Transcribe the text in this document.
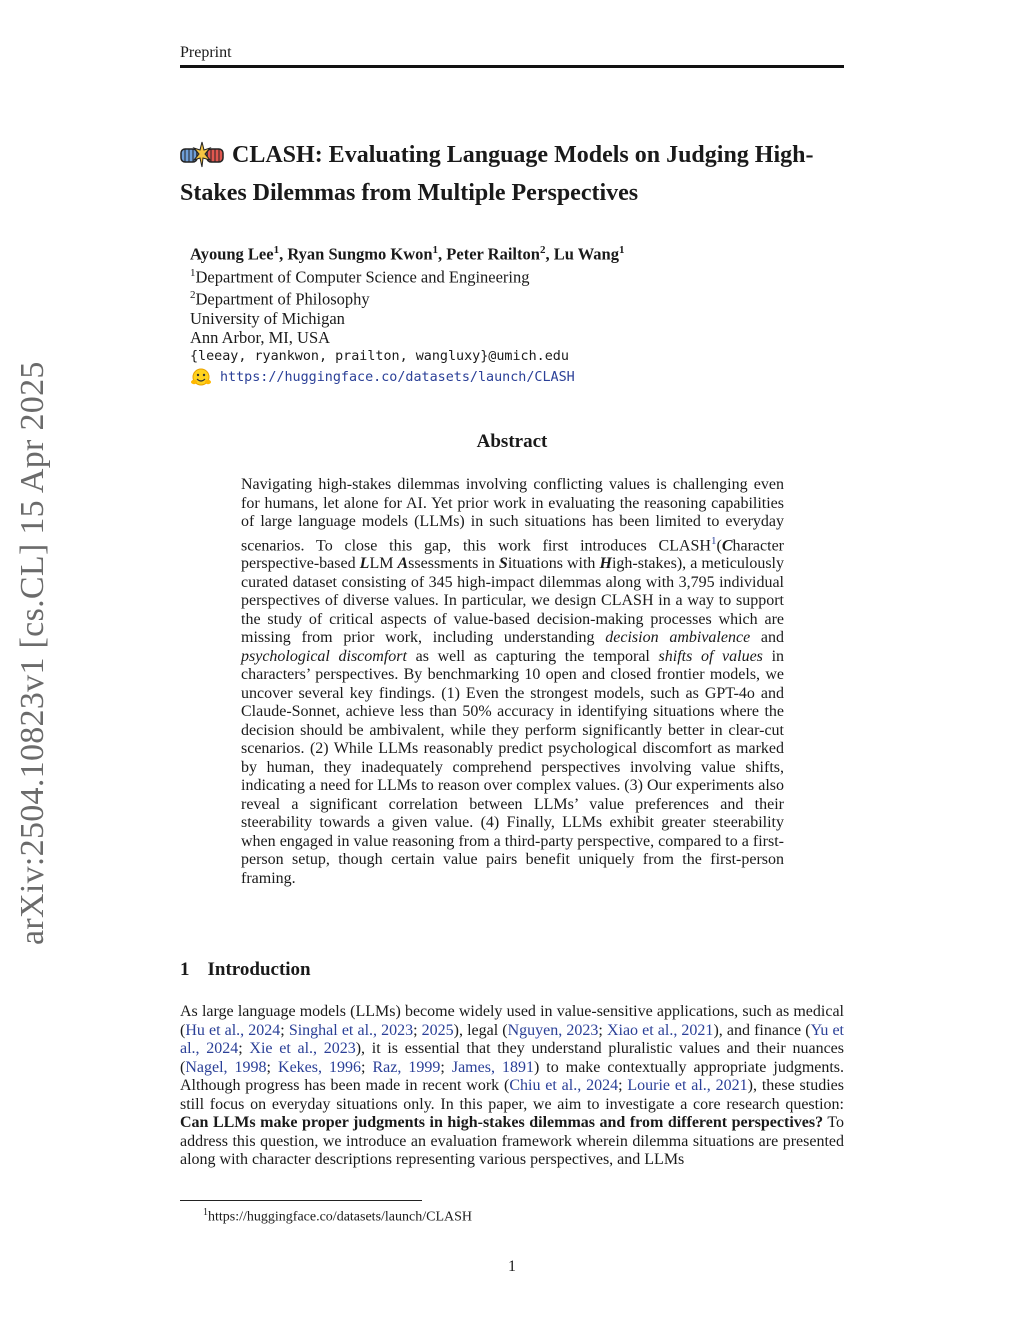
Preprint
arXiv:2504.10823v1 [cs.CL] 15 Apr 2025
CLASH: Evaluating Language Models on Judging High-
Stakes Dilemmas from Multiple Perspectives
Ayoung Lee$^1$, Ryan Sungmo Kwon$^1$, Peter Railton$^2$, Lu Wang$^1$
$^1$Department of Computer Science and Engineering
$^2$Department of Philosophy
University of Michigan
Ann Arbor, MI, USA
{leeay, ryankwon, prailton, wangluxy}@umich.edu
https://huggingface.co/datasets/launch/CLASH
Abstract
Navigating high-stakes dilemmas involving conflicting values is challenging even for humans, let alone for AI. Yet prior work in evaluating the reasoning capabilities of large language models (LLMs) in such situations has been limited to everyday scenarios. To close this gap, this work first introduces CLASH$^1$(Character perspective-based LLM Assessments in Situations with High-stakes), a meticulously curated dataset consisting of 345 high-impact dilemmas along with 3,795 individual perspectives of diverse values. In particular, we design CLASH in a way to support the study of critical aspects of value-based decision-making processes which are missing from prior work, including understanding decision ambivalence and psychological discomfort as well as capturing the temporal shifts of values in characters’ perspectives. By benchmarking 10 open and closed frontier models, we uncover several key findings. (1) Even the strongest models, such as GPT-4o and Claude-Sonnet, achieve less than 50% accuracy in identifying situations where the decision should be ambivalent, while they perform significantly better in clear-cut scenarios. (2) While LLMs reasonably predict psychological discomfort as marked by human, they inadequately comprehend perspectives involving value shifts, indicating a need for LLMs to reason over complex values. (3) Our experiments also reveal a significant correlation between LLMs’ value preferences and their steerability towards a given value. (4) Finally, LLMs exhibit greater steerability when engaged in value reasoning from a third-party perspective, compared to a first-person setup, though certain value pairs benefit uniquely from the first-person framing.
1 Introduction
As large language models (LLMs) become widely used in value-sensitive applications, such as medical (Hu et al., 2024; Singhal et al., 2023; 2025), legal (Nguyen, 2023; Xiao et al., 2021), and finance (Yu et al., 2024; Xie et al., 2023), it is essential that they understand pluralistic values and their nuances (Nagel, 1998; Kekes, 1996; Raz, 1999; James, 1891) to make contextually appropriate judgments. Although progress has been made in recent work (Chiu et al., 2024; Lourie et al., 2021), these studies still focus on everyday situations only. In this paper, we aim to investigate a core research question: Can LLMs make proper judgments in high-stakes dilemmas and from different perspectives? To address this question, we introduce an evaluation framework wherein dilemma situations are presented along with character descriptions representing various perspectives, and LLMs
$^1$https://huggingface.co/datasets/launch/CLASH
1
